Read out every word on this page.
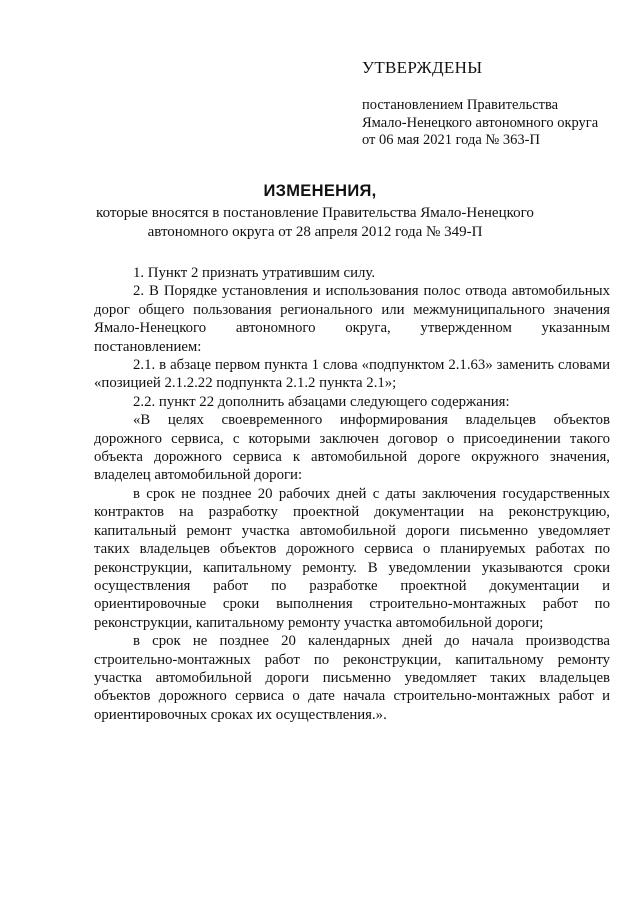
УТВЕРЖДЕНЫ
постановлением Правительства
Ямало-Ненецкого автономного округа
от 06 мая 2021 года № 363-П
ИЗМЕНЕНИЯ,
которые вносятся в постановление Правительства Ямало-Ненецкого
автономного округа от 28 апреля 2012 года № 349-П

1. Пункт 2 признать утратившим силу.

2. В Порядке установления и использования полос отвода автомобильных дорог общего пользования регионального или межмуниципального значения Ямало-Ненецкого автономного округа, утвержденном указанным постановлением:

2.1. в абзаце первом пункта 1 слова «подпунктом 2.1.63» заменить словами «позицией 2.1.2.22 подпункта 2.1.2 пункта 2.1»;

2.2. пункт 22 дополнить абзацами следующего содержания:

«В целях своевременного информирования владельцев объектов дорожного сервиса, с которыми заключен договор о присоединении такого объекта дорожного сервиса к автомобильной дороге окружного значения, владелец автомобильной дороги:

в срок не позднее 20 рабочих дней с даты заключения государственных контрактов на разработку проектной документации на реконструкцию, капитальный ремонт участка автомобильной дороги письменно уведомляет таких владельцев объектов дорожного сервиса о планируемых работах по реконструкции, капитальному ремонту. В уведомлении указываются сроки осуществления работ по разработке проектной документации и ориентировочные сроки выполнения строительно-монтажных работ по реконструкции, капитальному ремонту участка автомобильной дороги;

в срок не позднее 20 календарных дней до начала производства строительно-монтажных работ по реконструкции, капитальному ремонту участка автомобильной дороги письменно уведомляет таких владельцев объектов дорожного сервиса о дате начала строительно-монтажных работ и ориентировочных сроках их осуществления.».
